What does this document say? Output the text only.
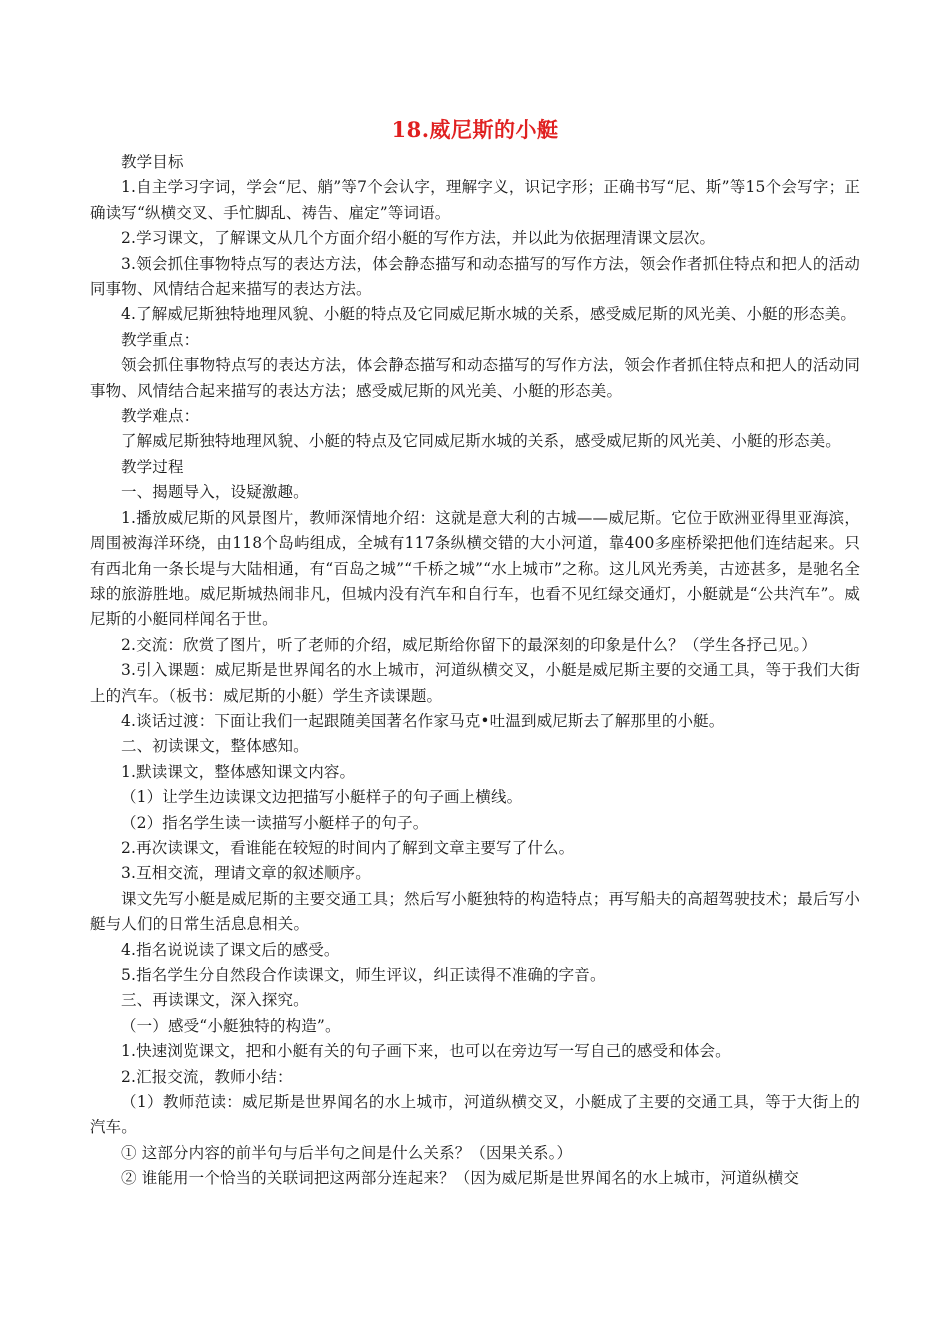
18.威尼斯的小艇

教学目标

1.自主学习字词，学会“尼、艄”等7个会认字，理解字义，识记字形；正确书写“尼、斯”等15个会写字；正确读写“纵横交叉、手忙脚乱、祷告、雇定”等词语。

2.学习课文，了解课文从几个方面介绍小艇的写作方法，并以此为依据理清课文层次。

3.领会抓住事物特点写的表达方法，体会静态描写和动态描写的写作方法，领会作者抓住特点和把人的活动同事物、风情结合起来描写的表达方法。

4.了解威尼斯独特地理风貌、小艇的特点及它同威尼斯水城的关系，感受威尼斯的风光美、小艇的形态美。

教学重点：

领会抓住事物特点写的表达方法，体会静态描写和动态描写的写作方法，领会作者抓住特点和把人的活动同事物、风情结合起来描写的表达方法；感受威尼斯的风光美、小艇的形态美。

教学难点：

了解威尼斯独特地理风貌、小艇的特点及它同威尼斯水城的关系，感受威尼斯的风光美、小艇的形态美。

教学过程

一、揭题导入，设疑激趣。

1.播放威尼斯的风景图片，教师深情地介绍：这就是意大利的古城——威尼斯。它位于欧洲亚得里亚海滨，周围被海洋环绕，由118个岛屿组成，全城有117条纵横交错的大小河道，靠400多座桥梁把他们连结起来。只有西北角一条长堤与大陆相通，有“百岛之城”“千桥之城”“水上城市”之称。这儿风光秀美，古迹甚多，是驰名全球的旅游胜地。威尼斯城热闹非凡，但城内没有汽车和自行车，也看不见红绿交通灯，小艇就是“公共汽车”。威尼斯的小艇同样闻名于世。

2.交流：欣赏了图片，听了老师的介绍，威尼斯给你留下的最深刻的印象是什么？（学生各抒己见。）

3.引入课题：威尼斯是世界闻名的水上城市，河道纵横交叉，小艇是威尼斯主要的交通工具，等于我们大街上的汽车。（板书：威尼斯的小艇）学生齐读课题。

4.谈话过渡：下面让我们一起跟随美国著名作家马克•吐温到威尼斯去了解那里的小艇。

二、初读课文，整体感知。

1.默读课文，整体感知课文内容。

（1）让学生边读课文边把描写小艇样子的句子画上横线。

（2）指名学生读一读描写小艇样子的句子。

2.再次读课文，看谁能在较短的时间内了解到文章主要写了什么。

3.互相交流，理请文章的叙述顺序。

课文先写小艇是威尼斯的主要交通工具；然后写小艇独特的构造特点；再写船夫的高超驾驶技术；最后写小艇与人们的日常生活息息相关。

4.指名说说读了课文后的感受。

5.指名学生分自然段合作读课文，师生评议，纠正读得不准确的字音。

三、再读课文，深入探究。

（一）感受“小艇独特的构造”。

1.快速浏览课文，把和小艇有关的句子画下来，也可以在旁边写一写自己的感受和体会。

2.汇报交流，教师小结：

（1）教师范读：威尼斯是世界闻名的水上城市，河道纵横交叉，小艇成了主要的交通工具，等于大街上的汽车。

① 这部分内容的前半句与后半句之间是什么关系？（因果关系。）

② 谁能用一个恰当的关联词把这两部分连起来？（因为威尼斯是世界闻名的水上城市，河道纵横交
